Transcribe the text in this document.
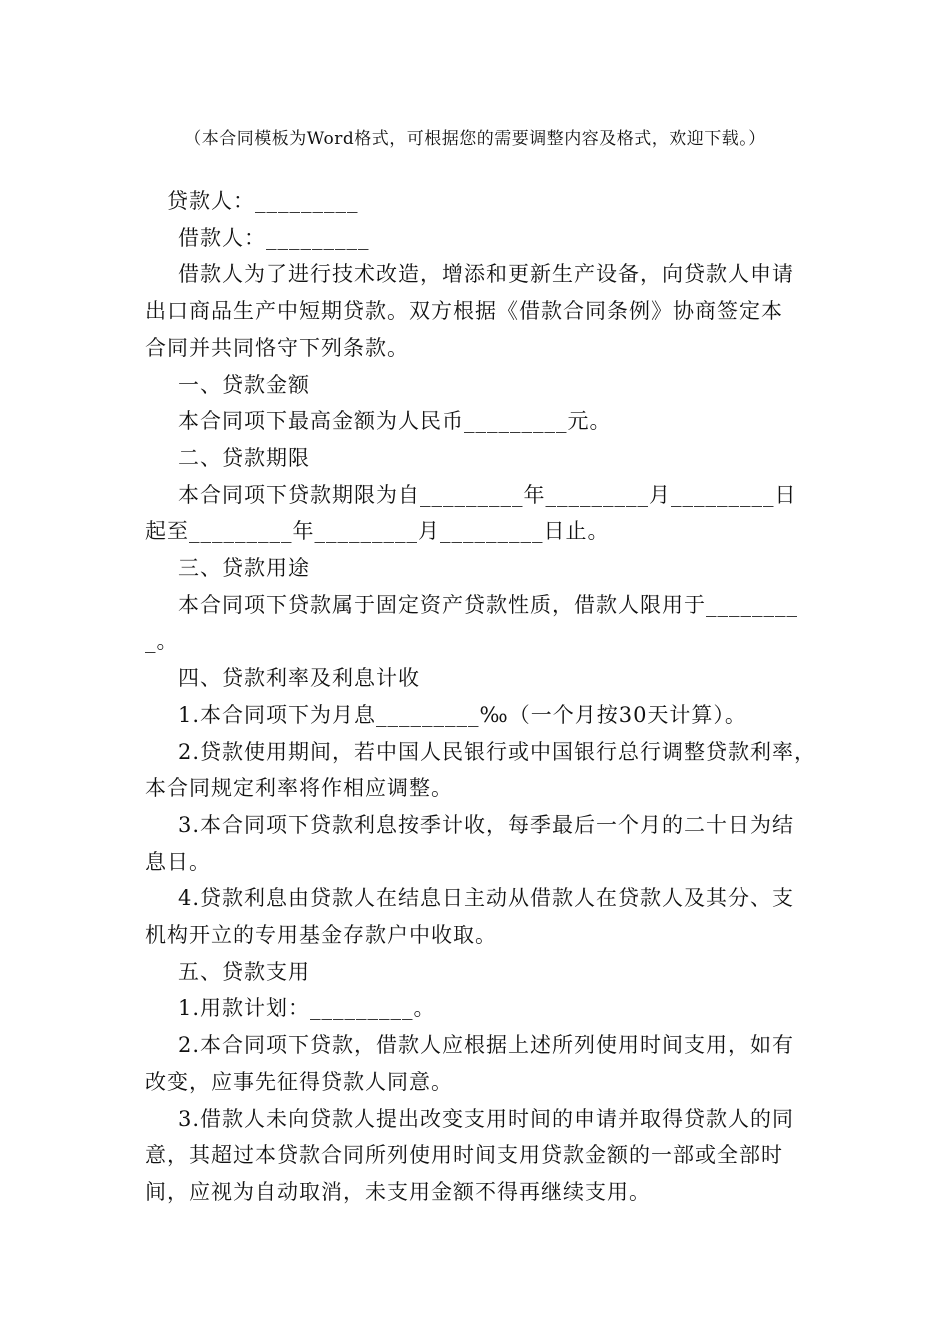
（本合同模板为Word格式，可根据您的需要调整内容及格式，欢迎下载。）
贷款人：_________
借款人：_________
借款人为了进行技术改造，增添和更新生产设备，向贷款人申请
出口商品生产中短期贷款。双方根据《借款合同条例》协商签定本
合同并共同恪守下列条款。
一、贷款金额
本合同项下最高金额为人民币_________元。
二、贷款期限
本合同项下贷款期限为自_________年_________月_________日
起至_________年_________月_________日止。
三、贷款用途
本合同项下贷款属于固定资产贷款性质，借款人限用于________
_。
四、贷款利率及利息计收
1.本合同项下为月息_________‰（一个月按30天计算）。
2.贷款使用期间，若中国人民银行或中国银行总行调整贷款利率，
本合同规定利率将作相应调整。
3.本合同项下贷款利息按季计收，每季最后一个月的二十日为结
息日。
4.贷款利息由贷款人在结息日主动从借款人在贷款人及其分、支
机构开立的专用基金存款户中收取。
五、贷款支用
1.用款计划：_________。
2.本合同项下贷款，借款人应根据上述所列使用时间支用，如有
改变，应事先征得贷款人同意。
3.借款人未向贷款人提出改变支用时间的申请并取得贷款人的同
意，其超过本贷款合同所列使用时间支用贷款金额的一部或全部时
间，应视为自动取消，未支用金额不得再继续支用。
